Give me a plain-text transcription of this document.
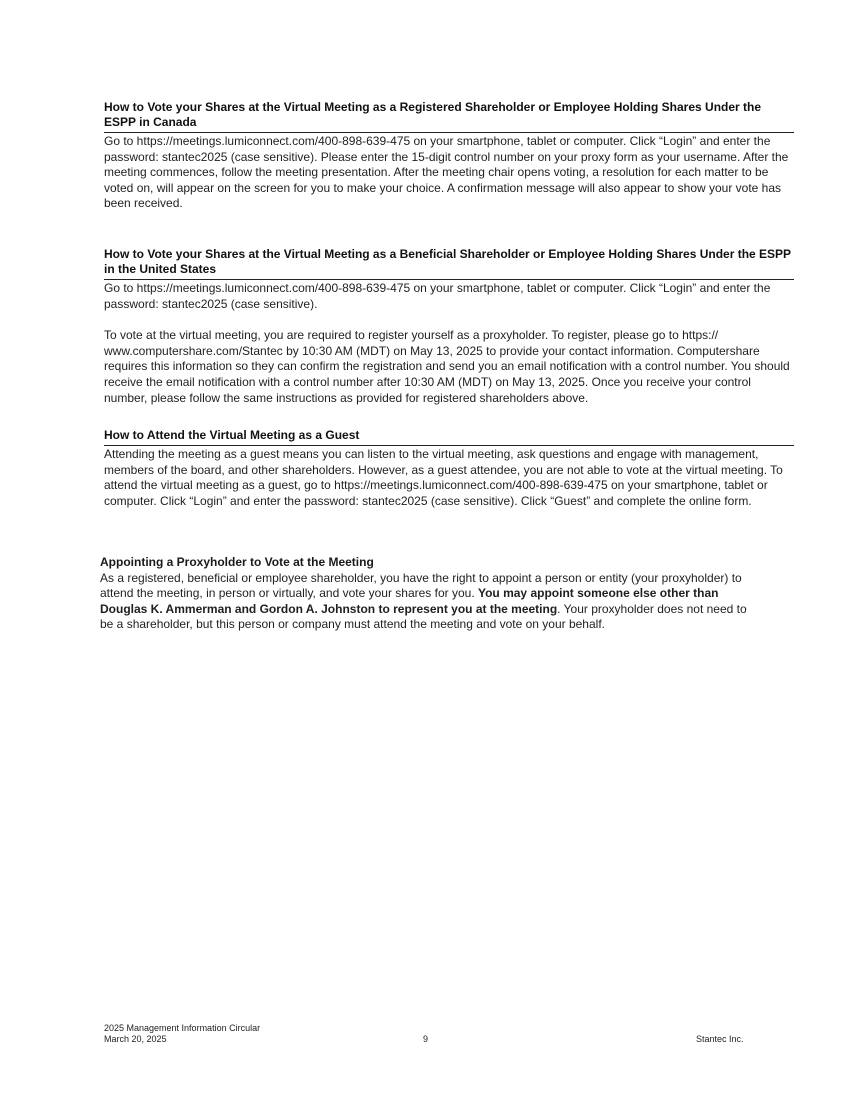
How to Vote your Shares at the Virtual Meeting as a Registered Shareholder or Employee Holding Shares Under the ESPP in Canada

Go to https://meetings.lumiconnect.com/400-898-639-475 on your smartphone, tablet or computer. Click “Login” and enter the password: stantec2025 (case sensitive). Please enter the 15-digit control number on your proxy form as your username. After the meeting commences, follow the meeting presentation. After the meeting chair opens voting, a resolution for each matter to be voted on, will appear on the screen for you to make your choice. A confirmation message will also appear to show your vote has been received.

How to Vote your Shares at the Virtual Meeting as a Beneficial Shareholder or Employee Holding Shares Under the ESPP in the United States

Go to https://meetings.lumiconnect.com/400-898-639-475 on your smartphone, tablet or computer. Click “Login” and enter the password: stantec2025 (case sensitive).

To vote at the virtual meeting, you are required to register yourself as a proxyholder. To register, please go to https:// www.computershare.com/Stantec by 10:30 AM (MDT) on May 13, 2025 to provide your contact information. Computershare requires this information so they can confirm the registration and send you an email notification with a control number. You should receive the email notification with a control number after 10:30 AM (MDT) on May 13, 2025. Once you receive your control number, please follow the same instructions as provided for registered shareholders above.

How to Attend the Virtual Meeting as a Guest

Attending the meeting as a guest means you can listen to the virtual meeting, ask questions and engage with management, members of the board, and other shareholders. However, as a guest attendee, you are not able to vote at the virtual meeting. To attend the virtual meeting as a guest, go to https://meetings.lumiconnect.com/400-898-639-475 on your smartphone, tablet or computer. Click “Login” and enter the password: stantec2025 (case sensitive). Click “Guest” and complete the online form.

Appointing a Proxyholder to Vote at the Meeting

As a registered, beneficial or employee shareholder, you have the right to appoint a person or entity (your proxyholder) to attend the meeting, in person or virtually, and vote your shares for you. You may appoint someone else other than Douglas K. Ammerman and Gordon A. Johnston to represent you at the meeting. Your proxyholder does not need to be a shareholder, but this person or company must attend the meeting and vote on your behalf.

2025 Management Information Circular
March 20, 2025	9	Stantec Inc.
